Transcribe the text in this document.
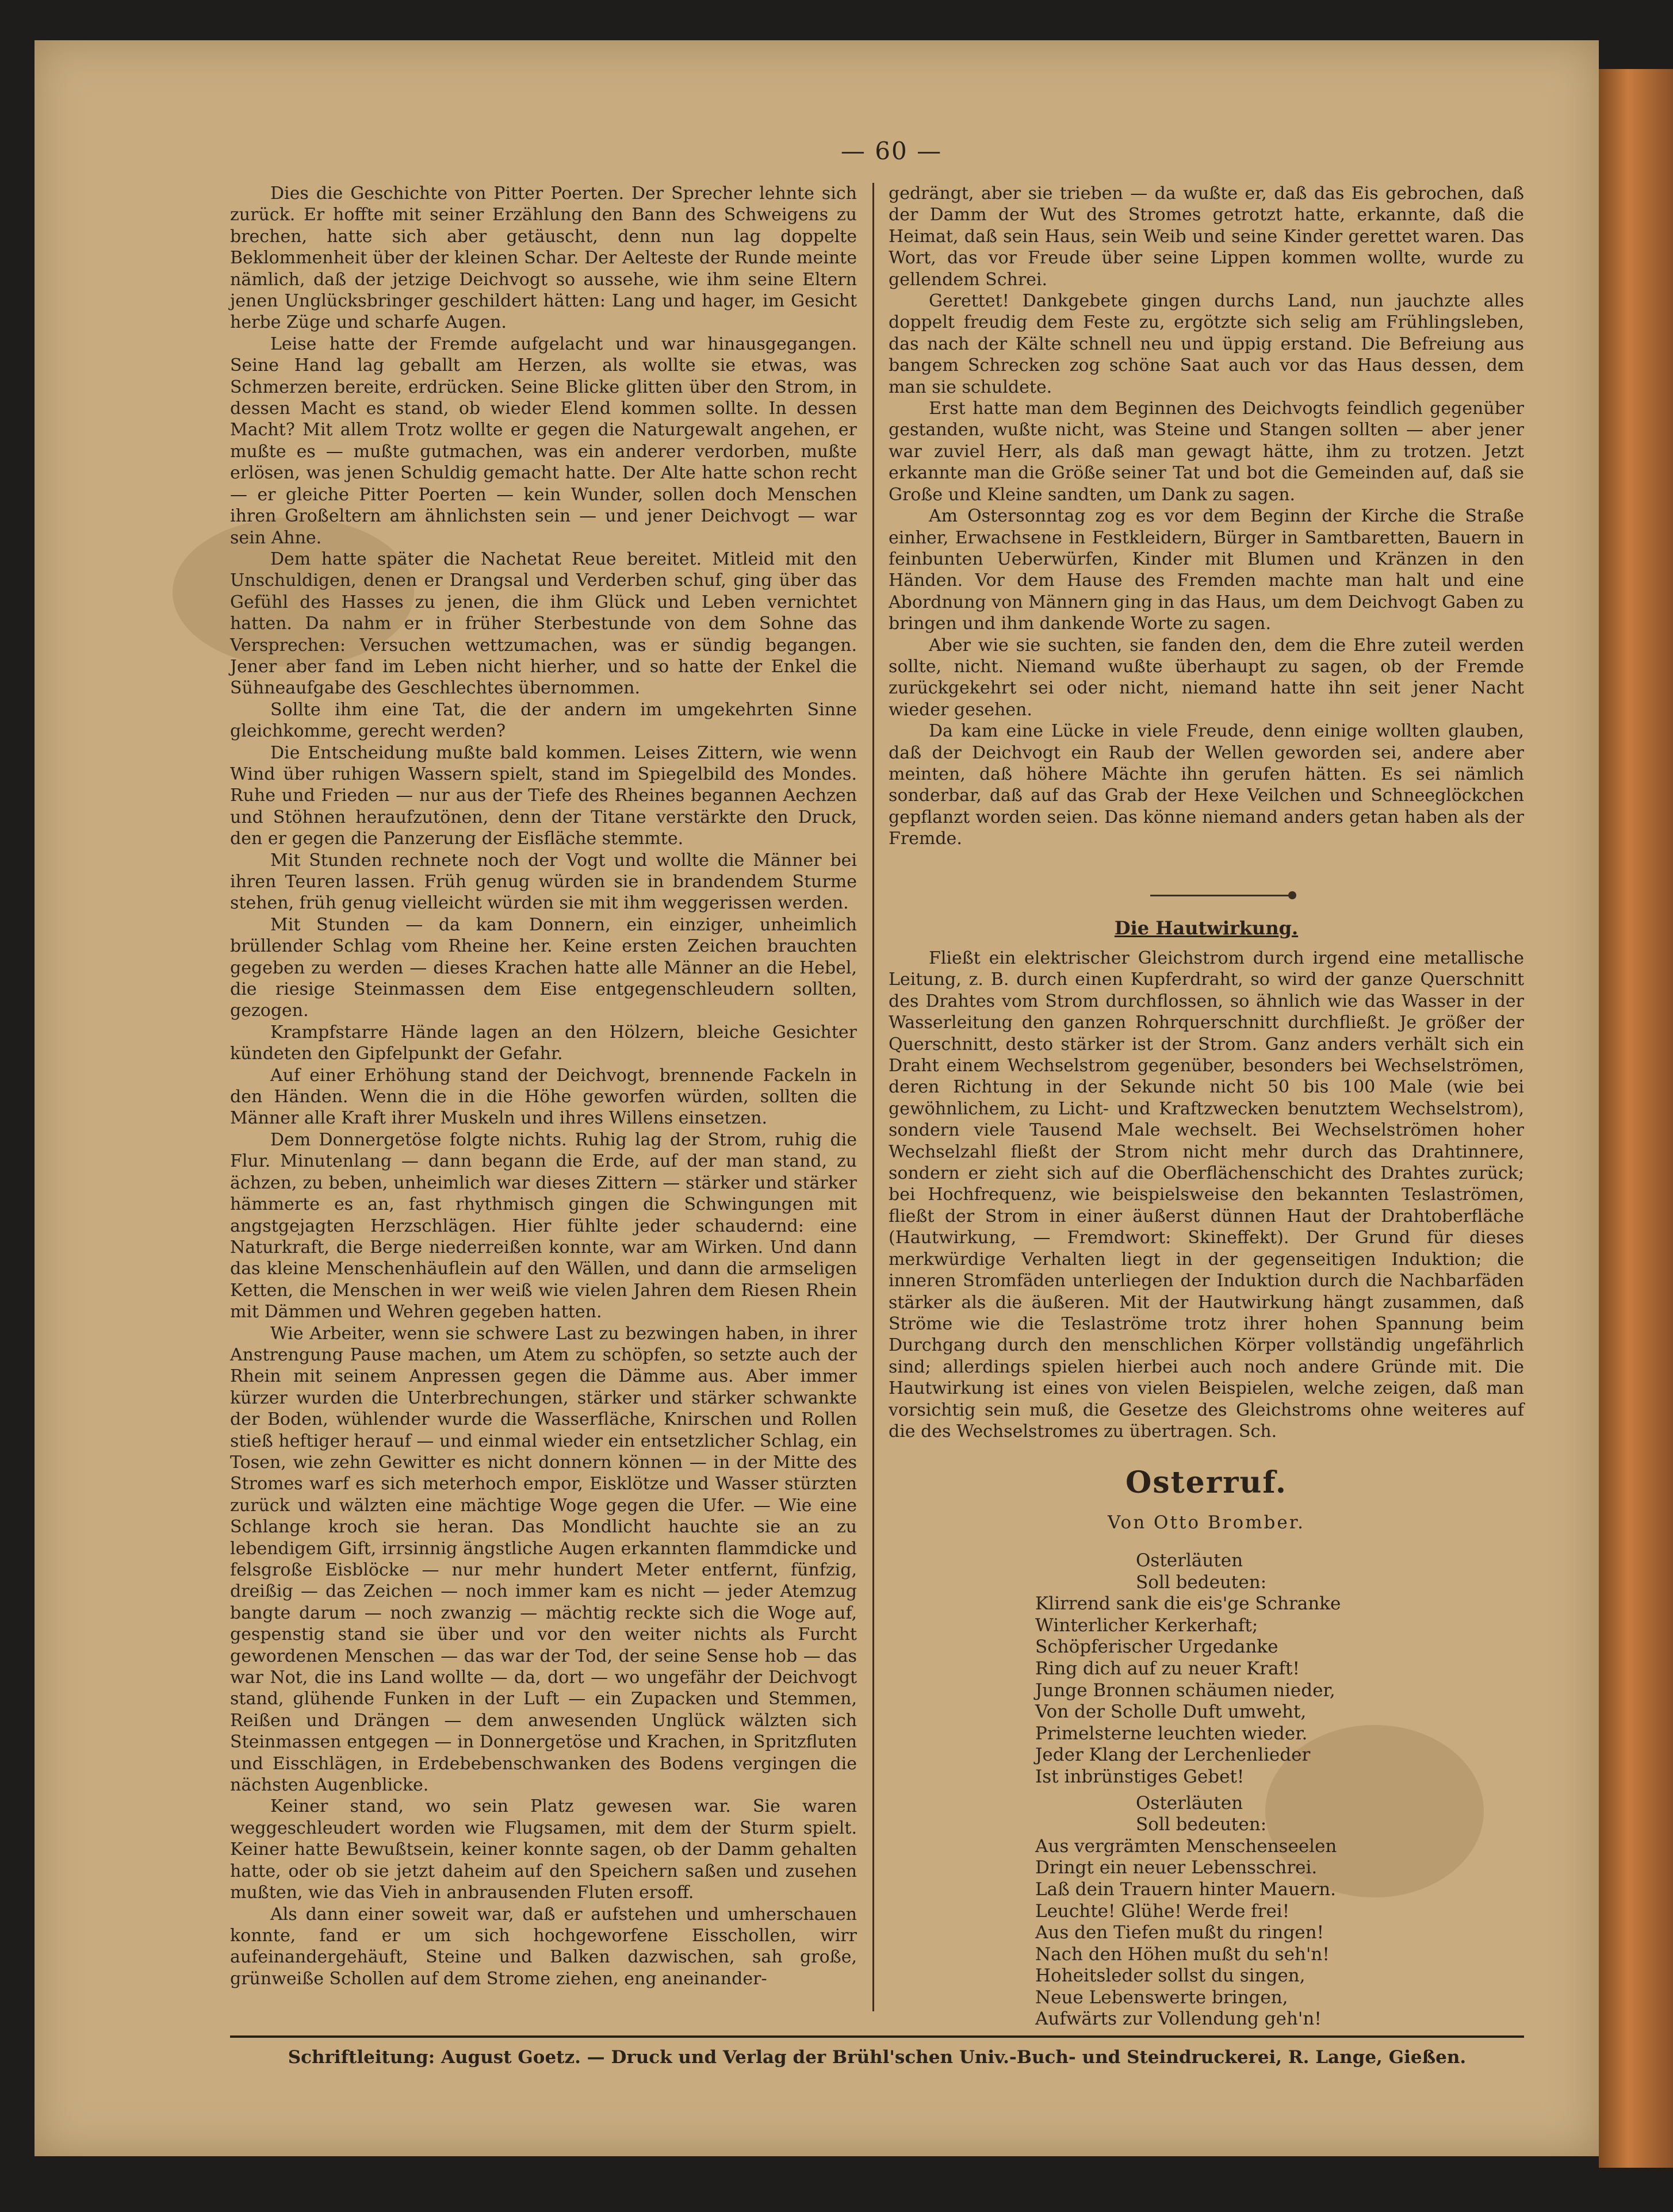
— 60 —

Dies die Geschichte von Pitter Poerten. Der Sprecher lehnte sich zurück. Er hoffte mit seiner Erzählung den Bann des Schweigens zu brechen, hatte sich aber getäuscht, denn nun lag doppelte Beklommenheit über der kleinen Schar. Der Aelteste der Runde meinte nämlich, daß der jetzige Deichvogt so aussehe, wie ihm seine Eltern jenen Unglücksbringer geschildert hätten: Lang und hager, im Gesicht herbe Züge und scharfe Augen.

Leise hatte der Fremde aufgelacht und war hinausgegangen. Seine Hand lag geballt am Herzen, als wollte sie etwas, was Schmerzen bereite, erdrücken. Seine Blicke glitten über den Strom, in dessen Macht es stand, ob wieder Elend kommen sollte. In dessen Macht? Mit allem Trotz wollte er gegen die Naturgewalt angehen, er mußte es — mußte gutmachen, was ein anderer verdorben, mußte erlösen, was jenen Schuldig gemacht hatte. Der Alte hatte schon recht — er gleiche Pitter Poerten — kein Wunder, sollen doch Menschen ihren Großeltern am ähnlichsten sein — und jener Deichvogt — war sein Ahne.

Dem hatte später die Nachetat Reue bereitet. Mitleid mit den Unschuldigen, denen er Drangsal und Verderben schuf, ging über das Gefühl des Hasses zu jenen, die ihm Glück und Leben vernichtet hatten. Da nahm er in früher Sterbestunde von dem Sohne das Versprechen: Versuchen wettzumachen, was er sündig begangen. Jener aber fand im Leben nicht hierher, und so hatte der Enkel die Sühneaufgabe des Geschlechtes übernommen.

Sollte ihm eine Tat, die der andern im umgekehrten Sinne gleichkomme, gerecht werden?

Die Entscheidung mußte bald kommen. Leises Zittern, wie wenn Wind über ruhigen Wassern spielt, stand im Spiegelbild des Mondes. Ruhe und Frieden — nur aus der Tiefe des Rheines begannen Aechzen und Stöhnen heraufzutönen, denn der Titane verstärkte den Druck, den er gegen die Panzerung der Eisfläche stemmte.

Mit Stunden rechnete noch der Vogt und wollte die Männer bei ihren Teuren lassen. Früh genug würden sie in brandendem Sturme stehen, früh genug vielleicht würden sie mit ihm weggerissen werden.

Mit Stunden — da kam Donnern, ein einziger, unheimlich brüllender Schlag vom Rheine her. Keine ersten Zeichen brauchten gegeben zu werden — dieses Krachen hatte alle Männer an die Hebel, die riesige Steinmassen dem Eise entgegenschleudern sollten, gezogen.

Krampfstarre Hände lagen an den Hölzern, bleiche Gesichter kündeten den Gipfelpunkt der Gefahr.

Auf einer Erhöhung stand der Deichvogt, brennende Fackeln in den Händen. Wenn die in die Höhe geworfen würden, sollten die Männer alle Kraft ihrer Muskeln und ihres Willens einsetzen.

Dem Donnergetöse folgte nichts. Ruhig lag der Strom, ruhig die Flur. Minutenlang — dann begann die Erde, auf der man stand, zu ächzen, zu beben, unheimlich war dieses Zittern — stärker und stärker hämmerte es an, fast rhythmisch gingen die Schwingungen mit angstgejagten Herzschlägen. Hier fühlte jeder schaudernd: eine Naturkraft, die Berge niederreißen konnte, war am Wirken. Und dann das kleine Menschenhäuflein auf den Wällen, und dann die armseligen Ketten, die Menschen in wer weiß wie vielen Jahren dem Riesen Rhein mit Dämmen und Wehren gegeben hatten.

Wie Arbeiter, wenn sie schwere Last zu bezwingen haben, in ihrer Anstrengung Pause machen, um Atem zu schöpfen, so setzte auch der Rhein mit seinem Anpressen gegen die Dämme aus. Aber immer kürzer wurden die Unterbrechungen, stärker und stärker schwankte der Boden, wühlender wurde die Wasserfläche, Knirschen und Rollen stieß heftiger herauf — und einmal wieder ein entsetzlicher Schlag, ein Tosen, wie zehn Gewitter es nicht donnern können — in der Mitte des Stromes warf es sich meterhoch empor, Eisklötze und Wasser stürzten zurück und wälzten eine mächtige Woge gegen die Ufer. — Wie eine Schlange kroch sie heran. Das Mondlicht hauchte sie an zu lebendigem Gift, irrsinnig ängstliche Augen erkannten flammdicke und felsgroße Eisblöcke — nur mehr hundert Meter entfernt, fünfzig, dreißig — das Zeichen — noch immer kam es nicht — jeder Atemzug bangte darum — noch zwanzig — mächtig reckte sich die Woge auf, gespenstig stand sie über und vor den weiter nichts als Furcht gewordenen Menschen — das war der Tod, der seine Sense hob — das war Not, die ins Land wollte — da, dort — wo ungefähr der Deichvogt stand, glühende Funken in der Luft — ein Zupacken und Stemmen, Reißen und Drängen — dem anwesenden Unglück wälzten sich Steinmassen entgegen — in Donnergetöse und Krachen, in Spritzfluten und Eisschlägen, in Erdebebenschwanken des Bodens vergingen die nächsten Augenblicke.

Keiner stand, wo sein Platz gewesen war. Sie waren weggeschleudert worden wie Flugsamen, mit dem der Sturm spielt. Keiner hatte Bewußtsein, keiner konnte sagen, ob der Damm gehalten hatte, oder ob sie jetzt daheim auf den Speichern saßen und zusehen mußten, wie das Vieh in anbrausenden Fluten ersoff.

Als dann einer soweit war, daß er aufstehen und umherschauen konnte, fand er um sich hochgeworfene Eisschollen, wirr aufeinandergehäuft, Steine und Balken dazwischen, sah große, grünweiße Schollen auf dem Strome ziehen, eng aneinander-

gedrängt, aber sie trieben — da wußte er, daß das Eis gebrochen, daß der Damm der Wut des Stromes getrotzt hatte, erkannte, daß die Heimat, daß sein Haus, sein Weib und seine Kinder gerettet waren. Das Wort, das vor Freude über seine Lippen kommen wollte, wurde zu gellendem Schrei.

Gerettet! Dankgebete gingen durchs Land, nun jauchzte alles doppelt freudig dem Feste zu, ergötzte sich selig am Frühlingsleben, das nach der Kälte schnell neu und üppig erstand. Die Befreiung aus bangem Schrecken zog schöne Saat auch vor das Haus dessen, dem man sie schuldete.

Erst hatte man dem Beginnen des Deichvogts feindlich gegenüber gestanden, wußte nicht, was Steine und Stangen sollten — aber jener war zuviel Herr, als daß man gewagt hätte, ihm zu trotzen. Jetzt erkannte man die Größe seiner Tat und bot die Gemeinden auf, daß sie Große und Kleine sandten, um Dank zu sagen.

Am Ostersonntag zog es vor dem Beginn der Kirche die Straße einher, Erwachsene in Festkleidern, Bürger in Samtbaretten, Bauern in feinbunten Ueberwürfen, Kinder mit Blumen und Kränzen in den Händen. Vor dem Hause des Fremden machte man halt und eine Abordnung von Männern ging in das Haus, um dem Deichvogt Gaben zu bringen und ihm dankende Worte zu sagen.

Aber wie sie suchten, sie fanden den, dem die Ehre zuteil werden sollte, nicht. Niemand wußte überhaupt zu sagen, ob der Fremde zurückgekehrt sei oder nicht, niemand hatte ihn seit jener Nacht wieder gesehen.

Da kam eine Lücke in viele Freude, denn einige wollten glauben, daß der Deichvogt ein Raub der Wellen geworden sei, andere aber meinten, daß höhere Mächte ihn gerufen hätten. Es sei nämlich sonderbar, daß auf das Grab der Hexe Veilchen und Schneeglöckchen gepflanzt worden seien. Das könne niemand anders getan haben als der Fremde.

Die Hautwirkung.

Fließt ein elektrischer Gleichstrom durch irgend eine metallische Leitung, z. B. durch einen Kupferdraht, so wird der ganze Querschnitt des Drahtes vom Strom durchflossen, so ähnlich wie das Wasser in der Wasserleitung den ganzen Rohrquerschnitt durchfließt. Je größer der Querschnitt, desto stärker ist der Strom. Ganz anders verhält sich ein Draht einem Wechselstrom gegenüber, besonders bei Wechselströmen, deren Richtung in der Sekunde nicht 50 bis 100 Male (wie bei gewöhnlichem, zu Licht- und Kraftzwecken benutztem Wechselstrom), sondern viele Tausend Male wechselt. Bei Wechselströmen hoher Wechselzahl fließt der Strom nicht mehr durch das Drahtinnere, sondern er zieht sich auf die Oberflächenschicht des Drahtes zurück; bei Hochfrequenz, wie beispielsweise den bekannten Teslaströmen, fließt der Strom in einer äußerst dünnen Haut der Drahtoberfläche (Hautwirkung, — Fremdwort: Skineffekt). Der Grund für dieses merkwürdige Verhalten liegt in der gegenseitigen Induktion; die inneren Stromfäden unterliegen der Induktion durch die Nachbarfäden stärker als die äußeren. Mit der Hautwirkung hängt zusammen, daß Ströme wie die Teslaströme trotz ihrer hohen Spannung beim Durchgang durch den menschlichen Körper vollständig ungefährlich sind; allerdings spielen hierbei auch noch andere Gründe mit. Die Hautwirkung ist eines von vielen Beispielen, welche zeigen, daß man vorsichtig sein muß, die Gesetze des Gleichstroms ohne weiteres auf die des Wechselstromes zu übertragen. Sch.

Osterruf.
Von Otto Bromber.
Osterläuten
Soll bedeuten:
Klirrend sank die eis'ge Schranke
Winterlicher Kerkerhaft;
Schöpferischer Urgedanke
Ring dich auf zu neuer Kraft!
Junge Bronnen schäumen nieder,
Von der Scholle Duft umweht,
Primelsterne leuchten wieder.
Jeder Klang der Lerchenlieder
Ist inbrünstiges Gebet!
Osterläuten
Soll bedeuten:
Aus vergrämten Menschenseelen
Dringt ein neuer Lebensschrei.
Laß dein Trauern hinter Mauern.
Leuchte! Glühe! Werde frei!
Aus den Tiefen mußt du ringen!
Nach den Höhen mußt du seh'n!
Hoheitsleder sollst du singen,
Neue Lebenswerte bringen,
Aufwärts zur Vollendung geh'n!
Schriftleitung: August Goetz. — Druck und Verlag der Brühl'schen Univ.-Buch- und Steindruckerei, R. Lange, Gießen.
